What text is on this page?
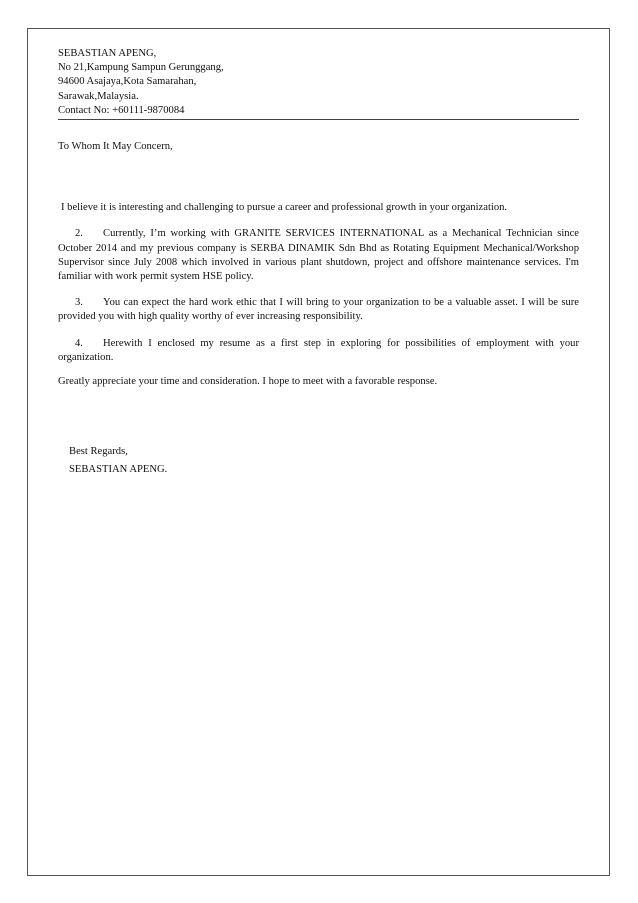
SEBASTIAN APENG,
No 21,Kampung Sampun Gerunggang,
94600 Asajaya,Kota Samarahan,
Sarawak,Malaysia.
Contact No: +60111-9870084
To Whom It May Concern,
I believe it is interesting and challenging to pursue a career and professional growth in your organization.
2. Currently, I’m working with GRANITE SERVICES INTERNATIONAL as a Mechanical Technician since October 2014 and my previous company is SERBA DINAMIK Sdn Bhd as Rotating Equipment Mechanical/Workshop Supervisor since July 2008 which involved in various plant shutdown, project and offshore maintenance services. I'm familiar with work permit system HSE policy.
3. You can expect the hard work ethic that I will bring to your organization to be a valuable asset. I will be sure provided you with high quality worthy of ever increasing responsibility.
4. Herewith I enclosed my resume as a first step in exploring for possibilities of employment with your organization.
Greatly appreciate your time and consideration. I hope to meet with a favorable response.
Best Regards,
SEBASTIAN APENG.
